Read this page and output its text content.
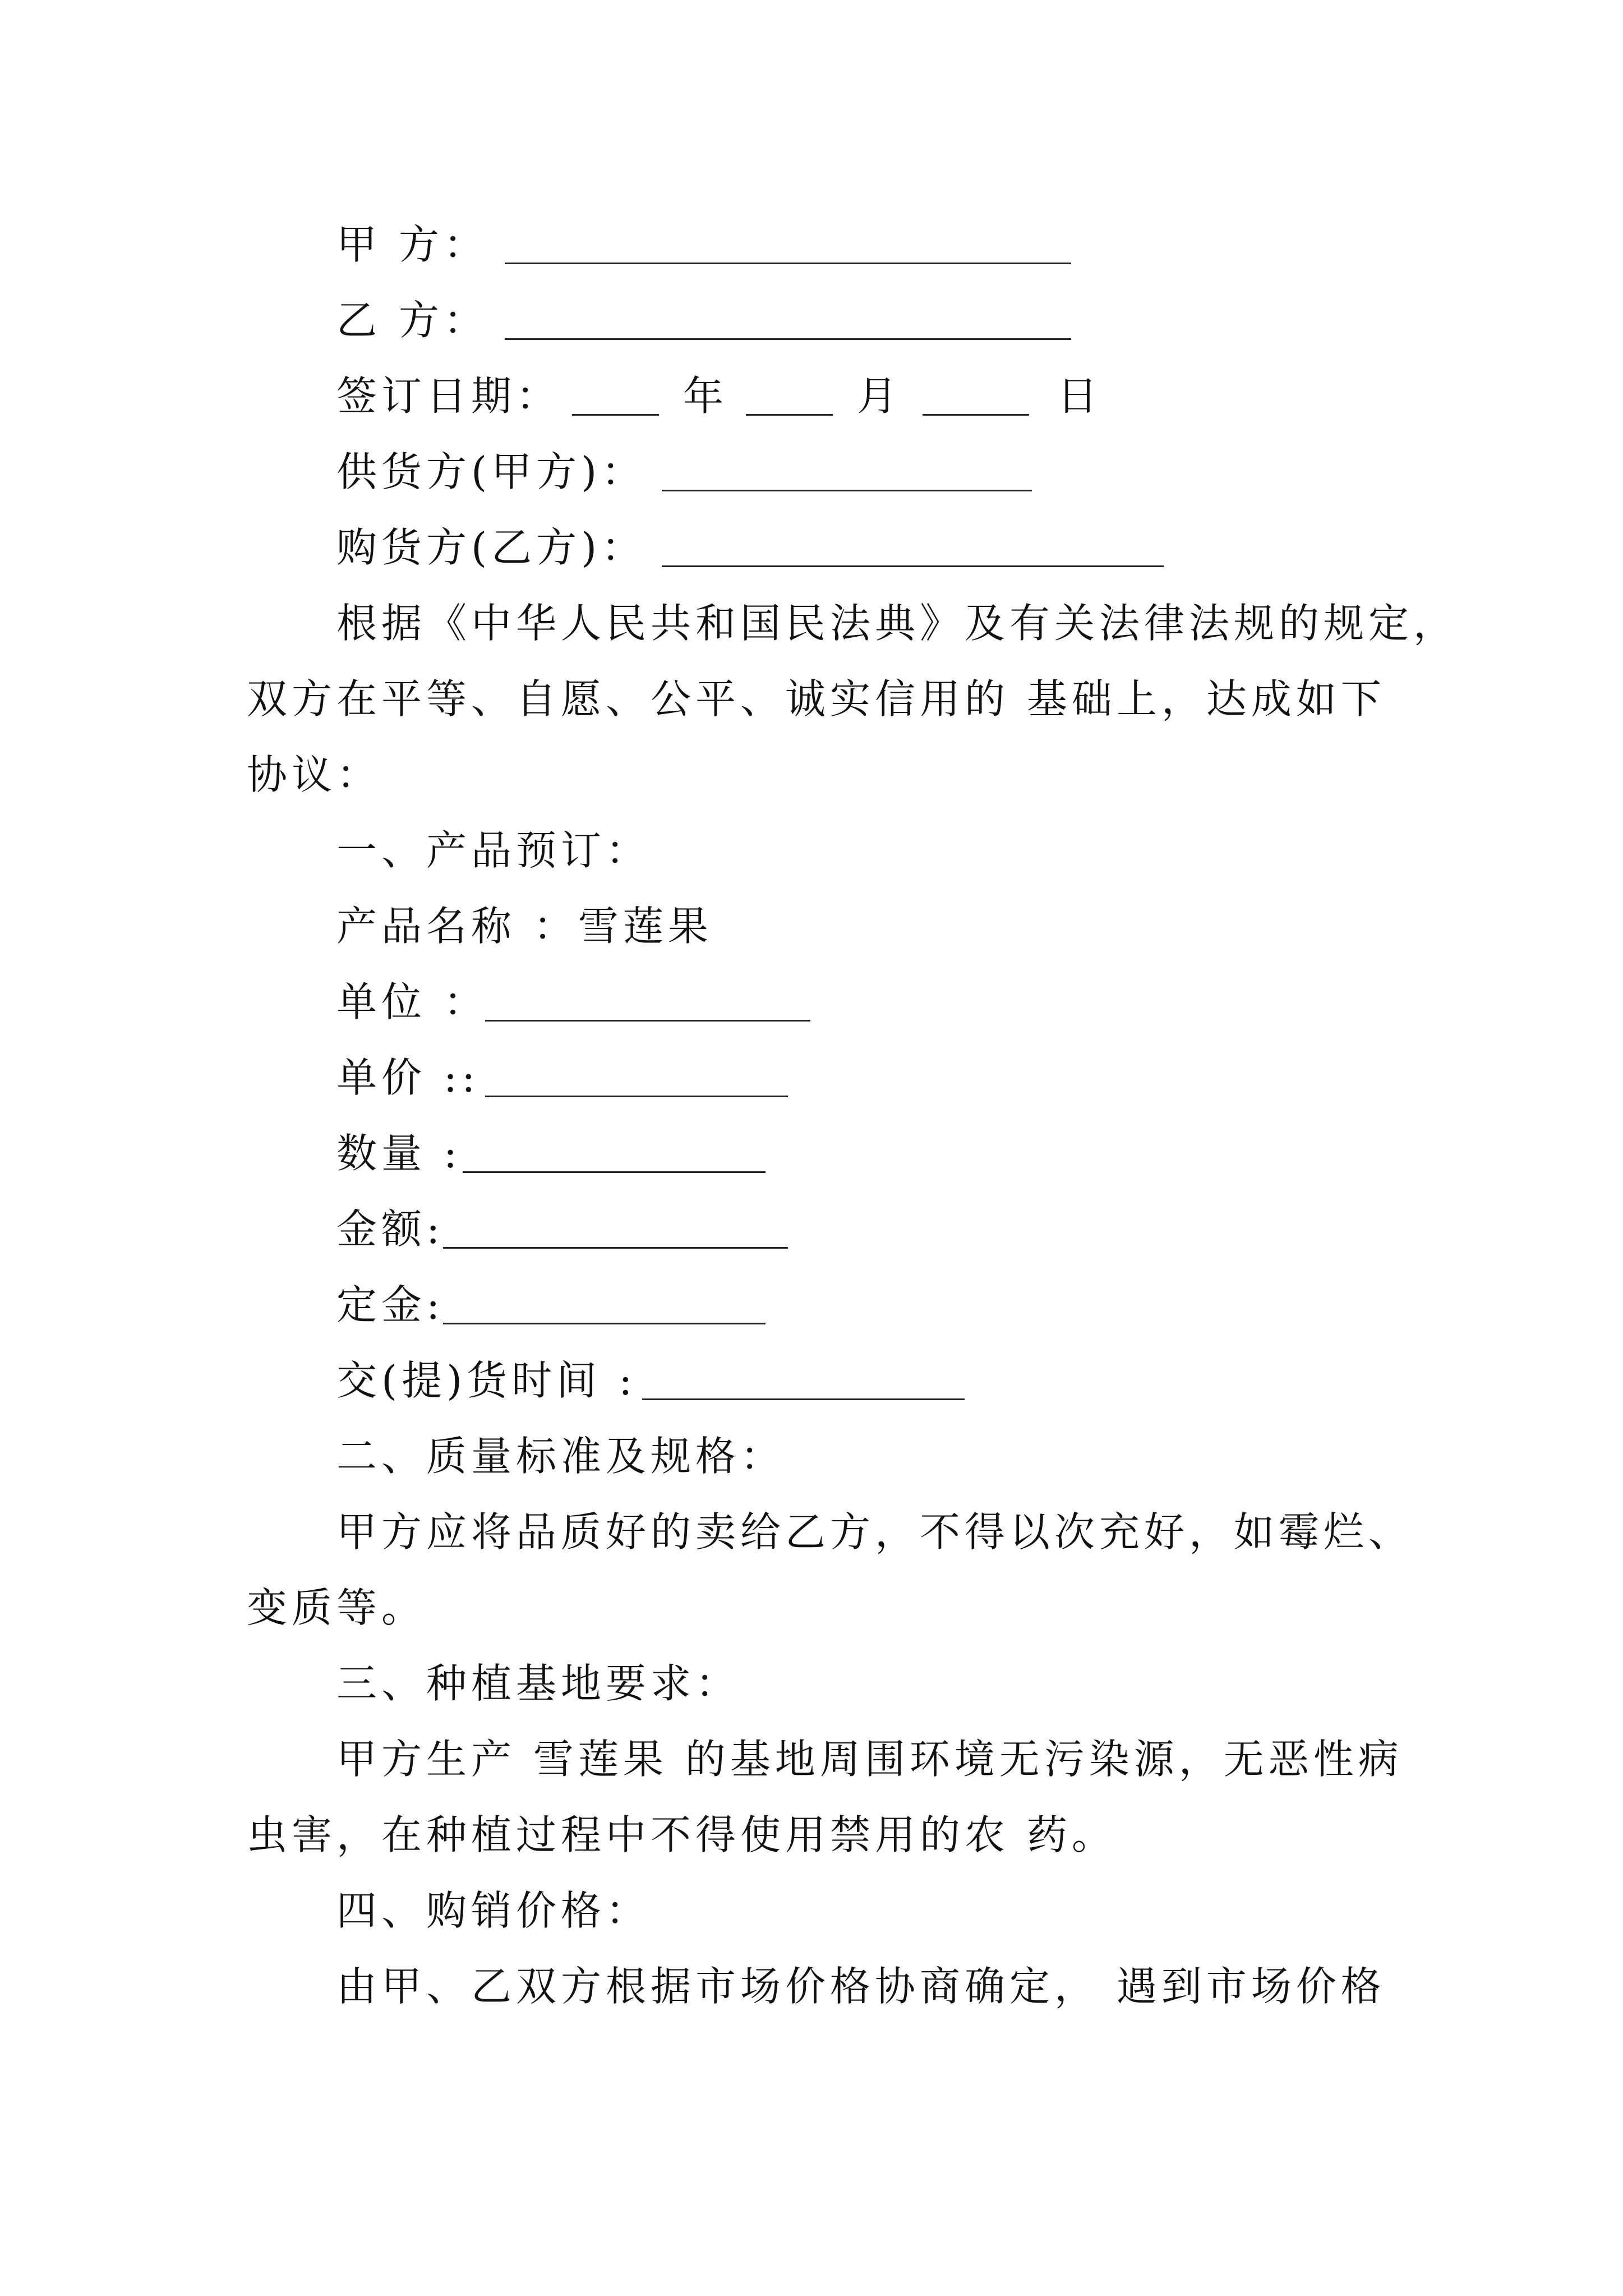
甲 方：
乙 方：
签订日期：	年	月	日
供货方(甲方)：
购货方(乙方)：
根据《中华人民共和国民法典》及有关法律法规的规定，
双方在平等、自愿、公平、诚实信用的 基础上，达成如下
协议：
一、产品预订：
产品名称 ：雪莲果
单位 ：
单价 ::
数量 :
金额:
定金:
交(提)货时间 :
二、质量标准及规格：
甲方应将品质好的卖给乙方，不得以次充好，如霉烂、
变质等。
三、种植基地要求：
甲方生产 雪莲果 的基地周围环境无污染源，无恶性病
虫害，在种植过程中不得使用禁用的农 药。
四、购销价格：
由甲、乙双方根据市场价格协商确定， 遇到市场价格
